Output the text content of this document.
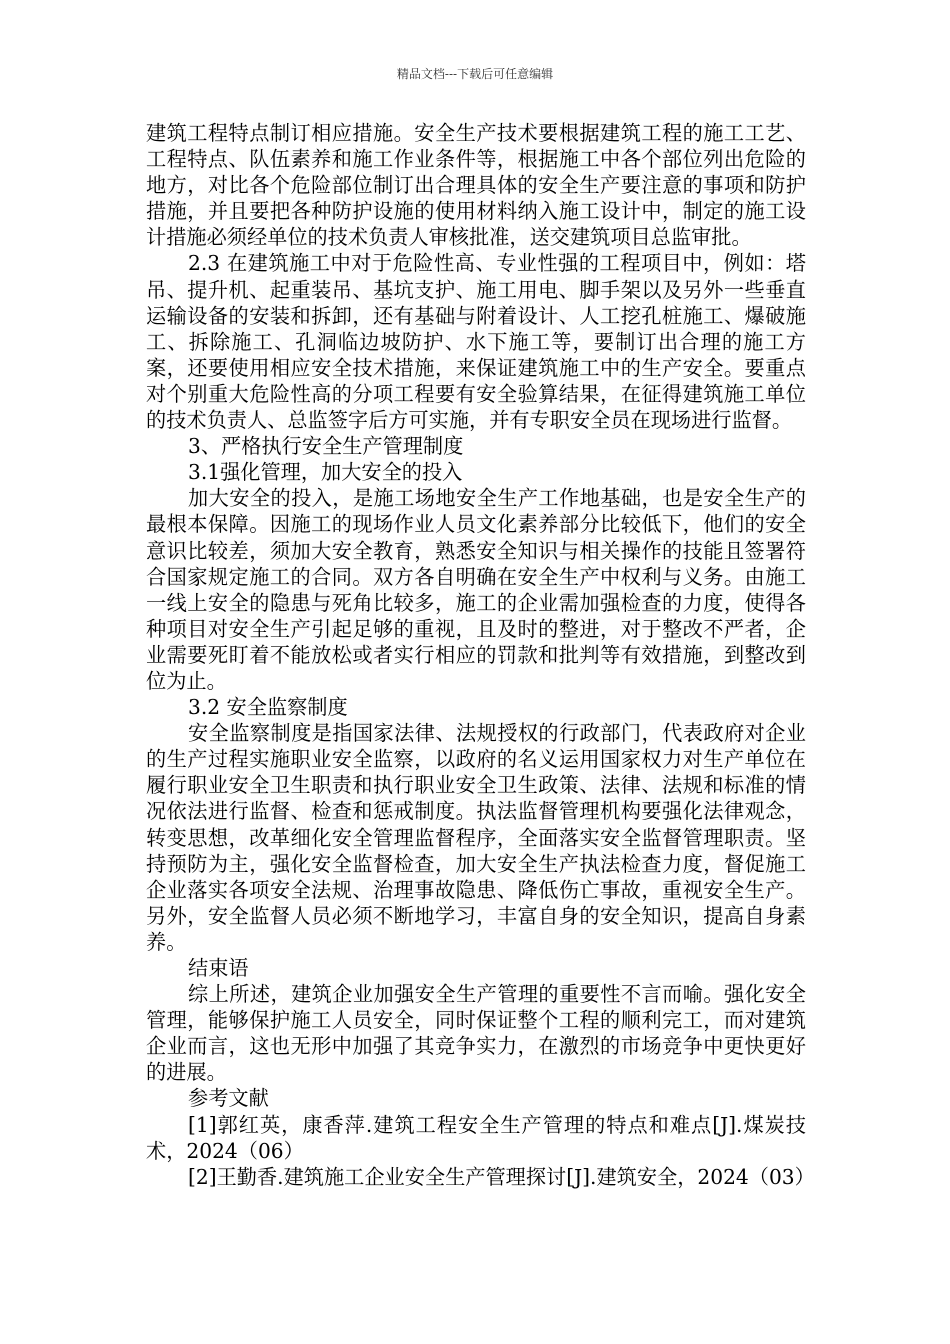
精品文档---下载后可任意编辑

建筑工程特点制订相应措施。安全生产技术要根据建筑工程的施工工艺、工程特点、队伍素养和施工作业条件等，根据施工中各个部位列出危险的地方，对比各个危险部位制订出合理具体的安全生产要注意的事项和防护措施，并且要把各种防护设施的使用材料纳入施工设计中，制定的施工设计措施必须经单位的技术负责人审核批准，送交建筑项目总监审批。

2.3 在建筑施工中对于危险性高、专业性强的工程项目中，例如：塔吊、提升机、起重装吊、基坑支护、施工用电、脚手架以及另外一些垂直运输设备的安装和拆卸，还有基础与附着设计、人工挖孔桩施工、爆破施工、拆除施工、孔洞临边坡防护、水下施工等，要制订出合理的施工方案，还要使用相应安全技术措施，来保证建筑施工中的生产安全。要重点对个别重大危险性高的分项工程要有安全验算结果，在征得建筑施工单位的技术负责人、总监签字后方可实施，并有专职安全员在现场进行监督。

3、严格执行安全生产管理制度

3.1强化管理，加大安全的投入

加大安全的投入，是施工场地安全生产工作地基础，也是安全生产的最根本保障。因施工的现场作业人员文化素养部分比较低下，他们的安全意识比较差，须加大安全教育，熟悉安全知识与相关操作的技能且签署符合国家规定施工的合同。双方各自明确在安全生产中权利与义务。由施工一线上安全的隐患与死角比较多，施工的企业需加强检查的力度，使得各种项目对安全生产引起足够的重视，且及时的整进，对于整改不严者，企业需要死盯着不能放松或者实行相应的罚款和批判等有效措施，到整改到位为止。

3.2 安全监察制度

安全监察制度是指国家法律、法规授权的行政部门，代表政府对企业的生产过程实施职业安全监察，以政府的名义运用国家权力对生产单位在履行职业安全卫生职责和执行职业安全卫生政策、法律、法规和标准的情况依法进行监督、检查和惩戒制度。执法监督管理机构要强化法律观念，转变思想，改革细化安全管理监督程序，全面落实安全监督管理职责。坚持预防为主，强化安全监督检查，加大安全生产执法检查力度，督促施工企业落实各项安全法规、治理事故隐患、降低伤亡事故，重视安全生产。另外，安全监督人员必须不断地学习，丰富自身的安全知识，提高自身素养。

结束语

综上所述，建筑企业加强安全生产管理的重要性不言而喻。强化安全管理，能够保护施工人员安全，同时保证整个工程的顺利完工，而对建筑企业而言，这也无形中加强了其竞争实力，在激烈的市场竞争中更快更好的进展。

参考文献

[1]郭红英，康香萍.建筑工程安全生产管理的特点和难点[J].煤炭技术，2024（06）

[2]王勤香.建筑施工企业安全生产管理探讨[J].建筑安全，2024（03）
